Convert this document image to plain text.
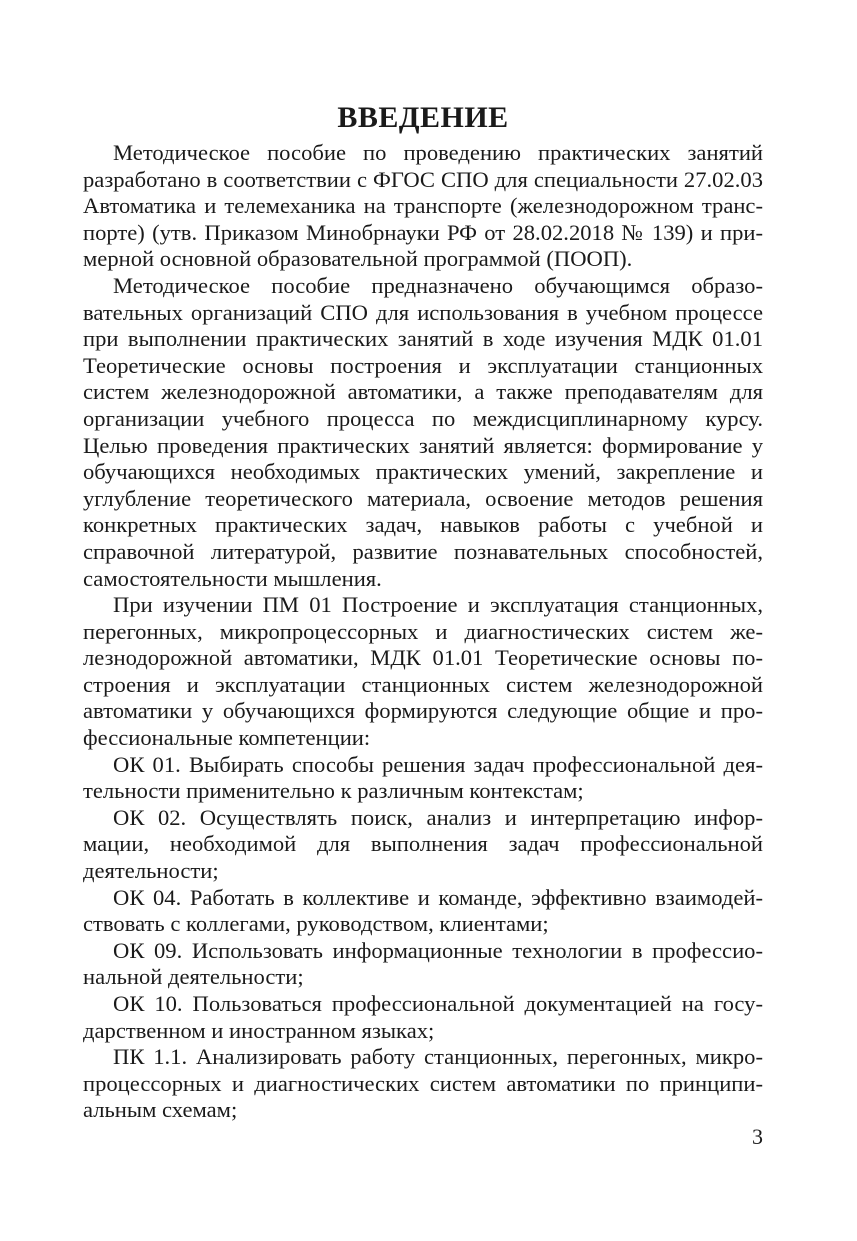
ВВЕДЕНИЕ

Методическое пособие по проведению практических занятий разработано в соответствии с ФГОС СПО для специальности 27.02.03 Автоматика и телемеханика на транспорте (железнодорожном транспорте) (утв. Приказом Минобрнауки РФ от 28.02.2018 № 139) и примерной основной образовательной программой (ПООП).

Методическое пособие предназначено обучающимся образовательных организаций СПО для использования в учебном процессе при выполнении практических занятий в ходе изучения МДК 01.01 Теоретические основы построения и эксплуатации станционных систем железнодорожной автоматики, а также преподавателям для организации учебного процесса по междисциплинарному курсу. Целью проведения практических занятий является: формирование у обучающихся необходимых практических умений, закрепление и углубление теоретического материала, освоение методов решения конкретных практических задач, навыков работы с учебной и справочной литературой, развитие познавательных способностей, самостоятельности мышления.

При изучении ПМ 01 Построение и эксплуатация станционных, перегонных, микропроцессорных и диагностических систем железнодорожной автоматики, МДК 01.01 Теоретические основы построения и эксплуатации станционных систем железнодорожной автоматики у обучающихся формируются следующие общие и профессиональные компетенции:

ОК 01. Выбирать способы решения задач профессиональной деятельности применительно к различным контекстам;

ОК 02. Осуществлять поиск, анализ и интерпретацию информации, необходимой для выполнения задач профессиональной деятельности;

ОК 04. Работать в коллективе и команде, эффективно взаимодействовать с коллегами, руководством, клиентами;

ОК 09. Использовать информационные технологии в профессиональной деятельности;

ОК 10. Пользоваться профессиональной документацией на государственном и иностранном языках;

ПК 1.1. Анализировать работу станционных, перегонных, микропроцессорных и диагностических систем автоматики по принципиальным схемам;

3
